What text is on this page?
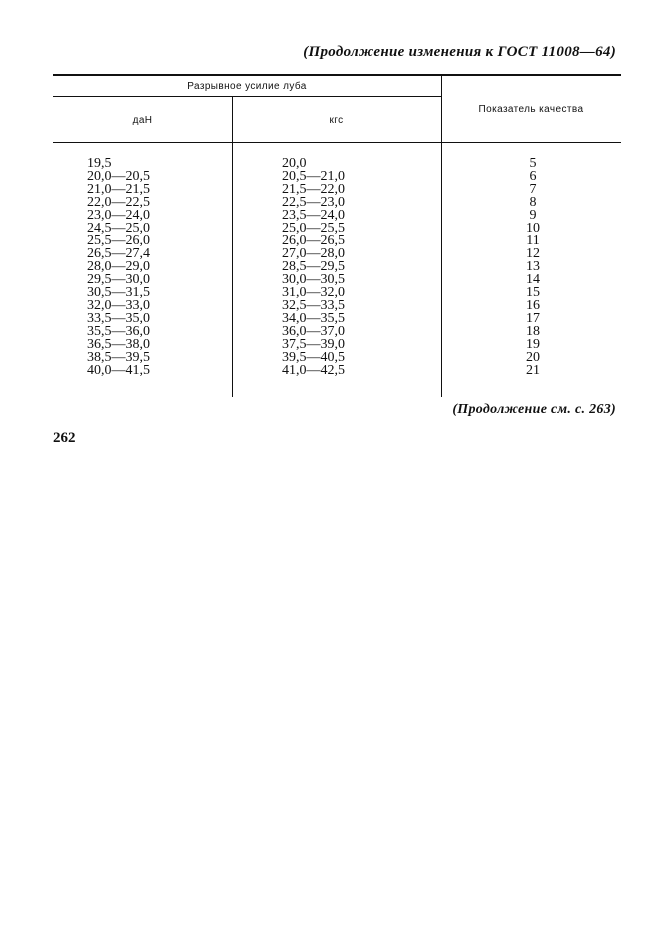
(Продолжение изменения к ГОСТ 11008—64)
Разрывное усилие луба
даН	кгс
Показатель качества
19,5
20,0—20,5
21,0—21,5
22,0—22,5
23,0—24,0
24,5—25,0
25,5—26,0
26,5—27,4
28,0—29,0
29,5—30,0
30,5—31,5
32,0—33,0
33,5—35,0
35,5—36,0
36,5—38,0
38,5—39,5
40,0—41,5
20,0
20,5—21,0
21,5—22,0
22,5—23,0
23,5—24,0
25,0—25,5
26,0—26,5
27,0—28,0
28,5—29,5
30,0—30,5
31,0—32,0
32,5—33,5
34,0—35,5
36,0—37,0
37,5—39,0
39,5—40,5
41,0—42,5
5
6
7
8
9
10
11
12
13
14
15
16
17
18
19
20
21
(Продолжение см. с. 263)
262
